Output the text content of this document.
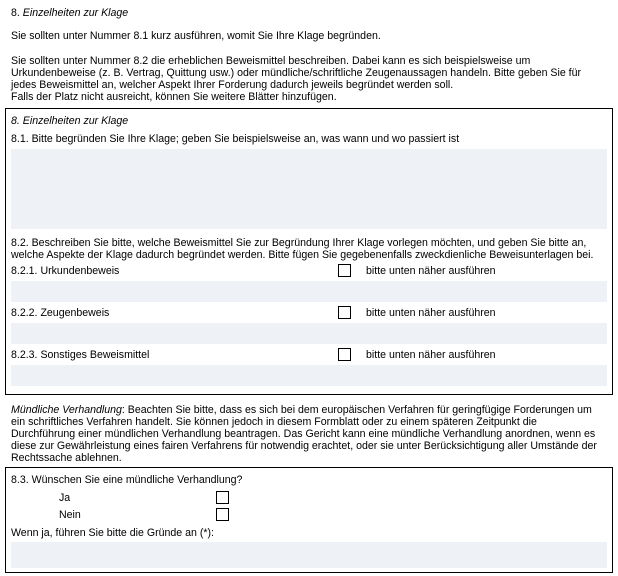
8. Einzelheiten zur Klage
Sie sollten unter Nummer 8.1 kurz ausführen, womit Sie Ihre Klage begründen.
Sie sollten unter Nummer 8.2 die erheblichen Beweismittel beschreiben. Dabei kann es sich beispielsweise um
Urkundenbeweise (z. B. Vertrag, Quittung usw.) oder mündliche/schriftliche Zeugenaussagen handeln. Bitte geben Sie für
jedes Beweismittel an, welcher Aspekt Ihrer Forderung dadurch jeweils begründet werden soll.
Falls der Platz nicht ausreicht, können Sie weitere Blätter hinzufügen.
8. Einzelheiten zur Klage
8.1. Bitte begründen Sie Ihre Klage; geben Sie beispielsweise an, was wann und wo passiert ist
8.2. Beschreiben Sie bitte, welche Beweismittel Sie zur Begründung Ihrer Klage vorlegen möchten, und geben Sie bitte an,
welche Aspekte der Klage dadurch begründet werden. Bitte fügen Sie gegebenenfalls zweckdienliche Beweisunterlagen bei.
8.2.1. Urkundenbeweis	bitte unten näher ausführen
8.2.2. Zeugenbeweis	bitte unten näher ausführen
8.2.3. Sonstiges Beweismittel	bitte unten näher ausführen
Mündliche Verhandlung: Beachten Sie bitte, dass es sich bei dem europäischen Verfahren für geringfügige Forderungen um
ein schriftliches Verfahren handelt. Sie können jedoch in diesem Formblatt oder zu einem späteren Zeitpunkt die
Durchführung einer mündlichen Verhandlung beantragen. Das Gericht kann eine mündliche Verhandlung anordnen, wenn es
diese zur Gewährleistung eines fairen Verfahrens für notwendig erachtet, oder sie unter Berücksichtigung aller Umstände der
Rechtssache ablehnen.
8.3. Wünschen Sie eine mündliche Verhandlung?
Ja
Nein
Wenn ja, führen Sie bitte die Gründe an (*):
